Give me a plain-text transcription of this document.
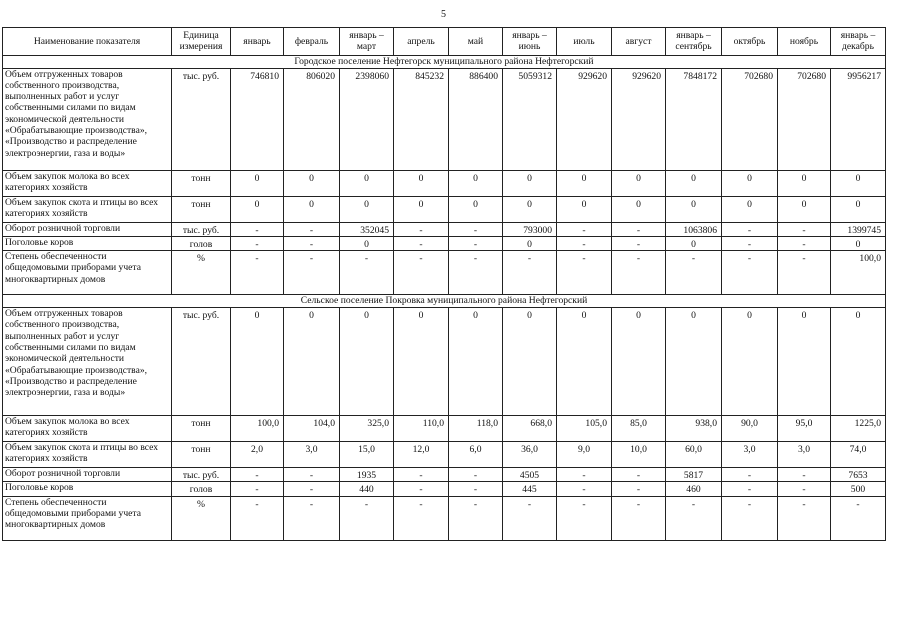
5
Наименование показателя	Единица измерения	январь	февраль	январь – март	апрель	май	январь – июнь	июль	август	январь – сентябрь	октябрь	ноябрь	январь – декабрь
Городское поселение Нефтегорск муниципального района Нефтегорский													
Объем отгруженных товаров собственного производства, выполненных работ и услуг собственными силами по видам экономической деятельности «Обрабатывающие производства», «Производство и распределение электроэнергии, газа и воды»	тыс. руб.	746810	806020	2398060	845232	886400	5059312	929620	929620	7848172	702680	702680	9956217
Объем закупок молока во всех категориях хозяйств	тонн	0	0	0	0	0	0	0	0	0	0	0	0
Объем закупок скота и птицы во всех категориях хозяйств	тонн	0	0	0	0	0	0	0	0	0	0	0	0
Оборот розничной торговли	тыс. руб.	-	-	352045	-	-	793000	-	-	1063806	-	-	1399745
Поголовье коров	голов	-	-	0	-	-	0	-	-	0	-	-	0
Степень обеспеченности общедомовыми приборами учета многоквартирных домов	%	-	-	-	-	-	-	-	-	-	-	-	100,0
Сельское поселение Покровка муниципального района Нефтегорский													
Объем отгруженных товаров собственного производства, выполненных работ и услуг собственными силами по видам экономической деятельности «Обрабатывающие производства», «Производство и распределение электроэнергии, газа и воды»	тыс. руб.	0	0	0	0	0	0	0	0	0	0	0	0
Объем закупок молока во всех категориях хозяйств	тонн	100,0	104,0	325,0	110,0	118,0	668,0	105,0	85,0	938,0	90,0	95,0	1225,0
Объем закупок скота и птицы во всех категориях хозяйств	тонн	2,0	3,0	15,0	12,0	6,0	36,0	9,0	10,0	60,0	3,0	3,0	74,0
Оборот розничной торговли	тыс. руб.	-	-	1935	-	-	4505	-	-	5817	-	-	7653
Поголовье коров	голов	-	-	440	-	-	445	-	-	460	-	-	500
Степень обеспеченности общедомовыми приборами учета многоквартирных домов	%	-	-	-	-	-	-	-	-	-	-	-	-
